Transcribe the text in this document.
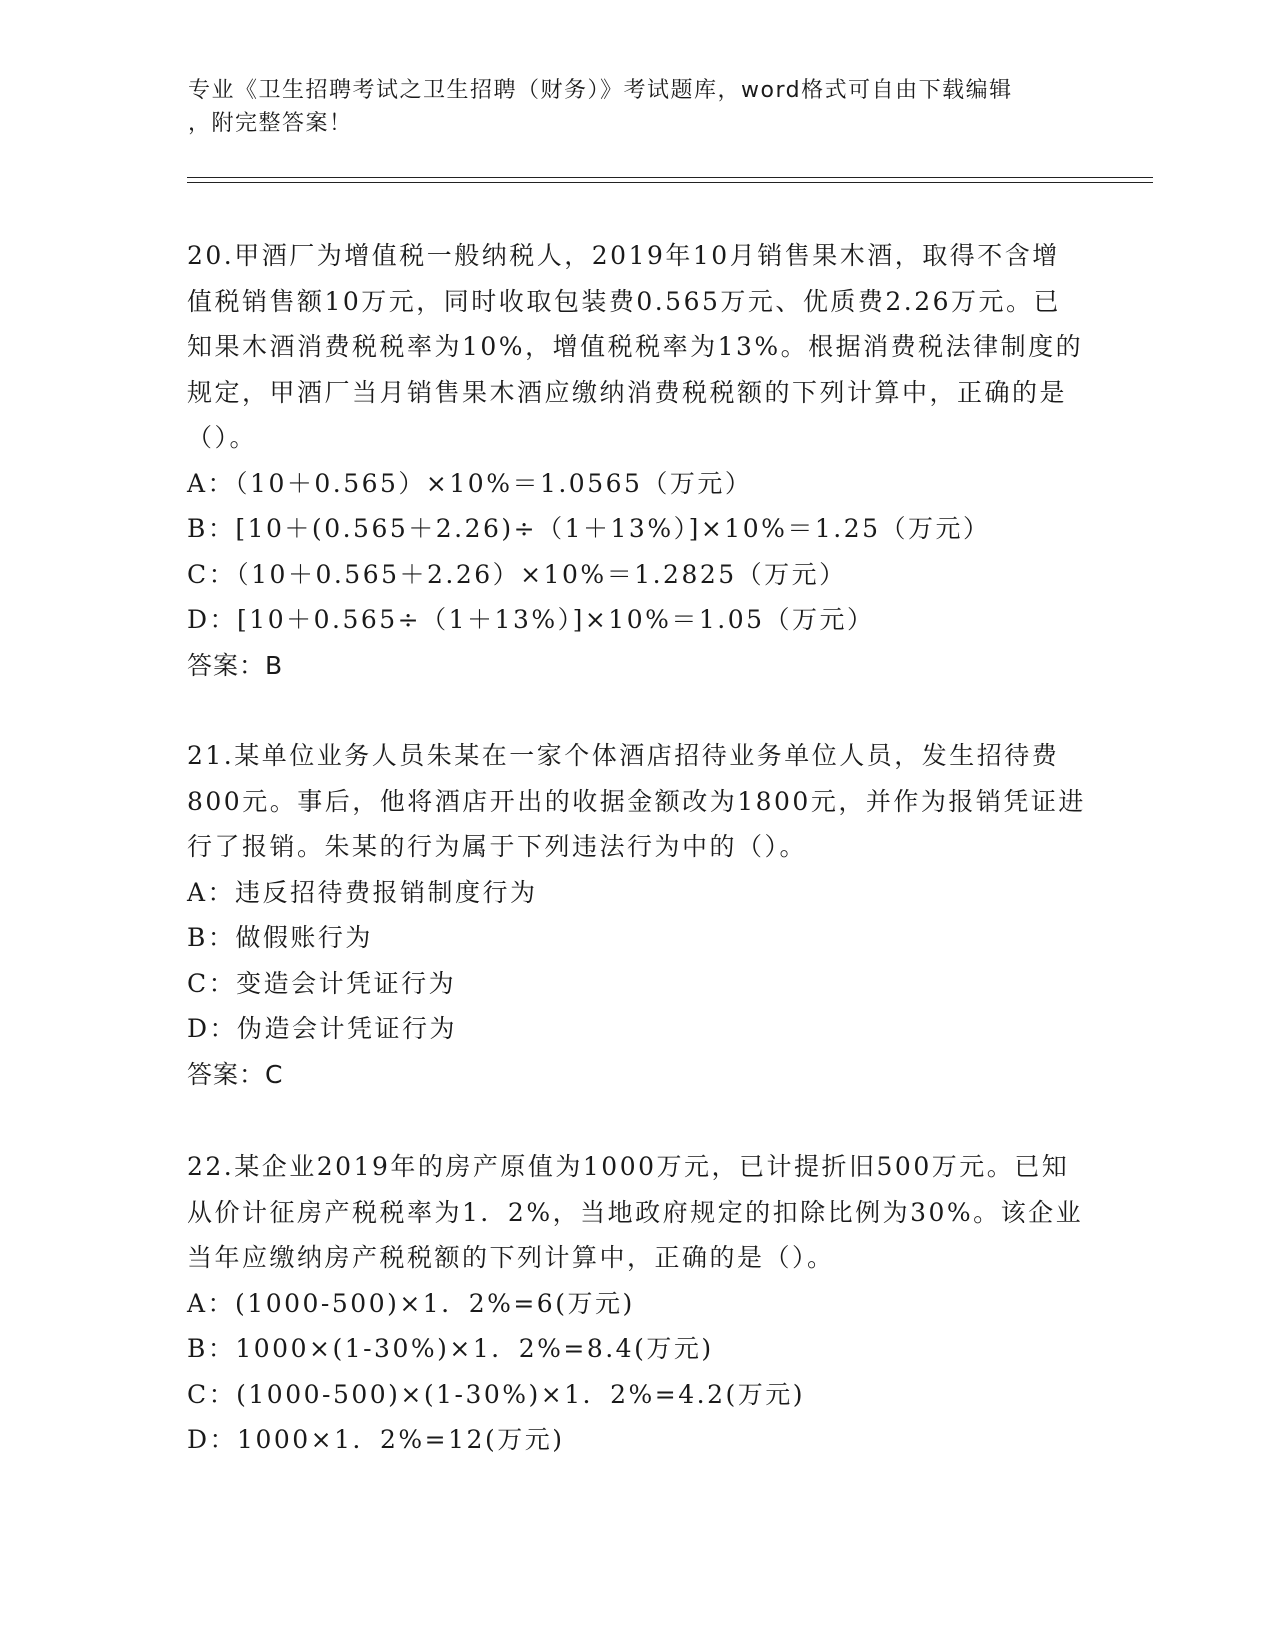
专业《卫生招聘考试之卫生招聘（财务）》考试题库，word格式可自由下载编辑
，附完整答案！
20.甲酒厂为增值税一般纳税人，2019年10月销售果木酒，取得不含增值税销售额10万元，同时收取包装费0.565万元、优质费2.26万元。已知果木酒消费税税率为10%，增值税税率为13%。根据消费税法律制度的规定，甲酒厂当月销售果木酒应缴纳消费税税额的下列计算中，正确的是（）。
A：（10＋0.565）×10%＝1.0565（万元）
B：[10＋(0.565＋2.26)÷（1＋13%）]×10%＝1.25（万元）
C：（10＋0.565＋2.26）×10%＝1.2825（万元）
D：[10＋0.565÷（1＋13%）]×10%＝1.05（万元）
答案：B
21.某单位业务人员朱某在一家个体酒店招待业务单位人员，发生招待费800元。事后，他将酒店开出的收据金额改为1800元，并作为报销凭证进行了报销。朱某的行为属于下列违法行为中的（）。
A：违反招待费报销制度行为
B：做假账行为
C：变造会计凭证行为
D：伪造会计凭证行为
答案：C
22.某企业2019年的房产原值为1000万元，已计提折旧500万元。已知从价计征房产税税率为1．2%，当地政府规定的扣除比例为30%。该企业当年应缴纳房产税税额的下列计算中，正确的是（）。
A：(1000-500)×1．2%=6(万元)
B：1000×(1-30%)×1．2%=8.4(万元)
C：(1000-500)×(1-30%)×1．2%=4.2(万元)
D：1000×1．2%=12(万元)
